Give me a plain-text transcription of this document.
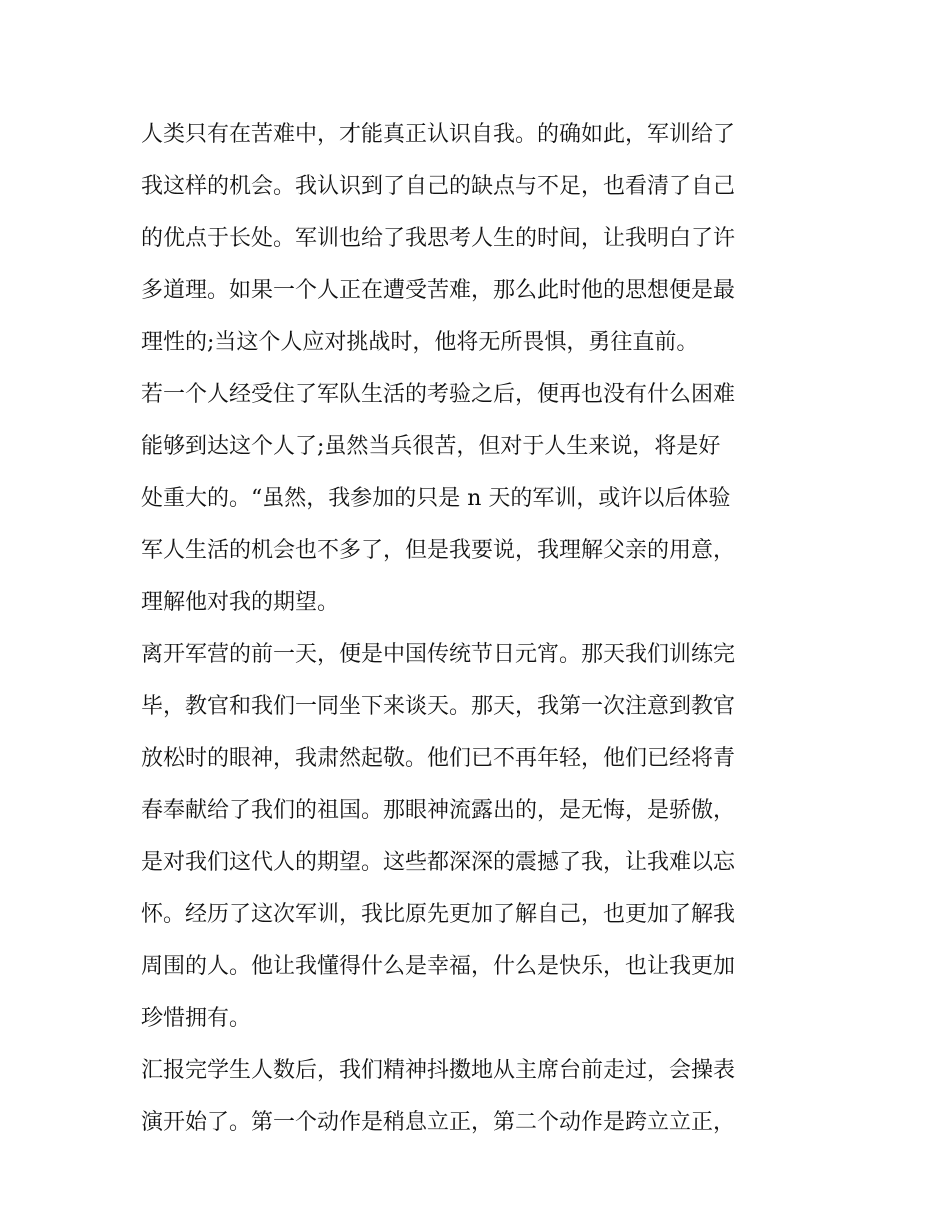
人类只有在苦难中，才能真正认识自我。的确如此，军训给了
我这样的机会。我认识到了自己的缺点与不足，也看清了自己
的优点于长处。军训也给了我思考人生的时间，让我明白了许
多道理。如果一个人正在遭受苦难，那么此时他的思想便是最
理性的;当这个人应对挑战时，他将无所畏惧，勇往直前。
若一个人经受住了军队生活的考验之后，便再也没有什么困难
能够到达这个人了;虽然当兵很苦，但对于人生来说，将是好
处重大的。“虽然，我参加的只是 n 天的军训，或许以后体验
军人生活的机会也不多了，但是我要说，我理解父亲的用意，
理解他对我的期望。
离开军营的前一天，便是中国传统节日元宵。那天我们训练完
毕，教官和我们一同坐下来谈天。那天，我第一次注意到教官
放松时的眼神，我肃然起敬。他们已不再年轻，他们已经将青
春奉献给了我们的祖国。那眼神流露出的，是无悔，是骄傲，
是对我们这代人的期望。这些都深深的震撼了我，让我难以忘
怀。经历了这次军训，我比原先更加了解自己，也更加了解我
周围的人。他让我懂得什么是幸福，什么是快乐，也让我更加
珍惜拥有。
汇报完学生人数后，我们精神抖擞地从主席台前走过，会操表
演开始了。第一个动作是稍息立正，第二个动作是跨立立正，
